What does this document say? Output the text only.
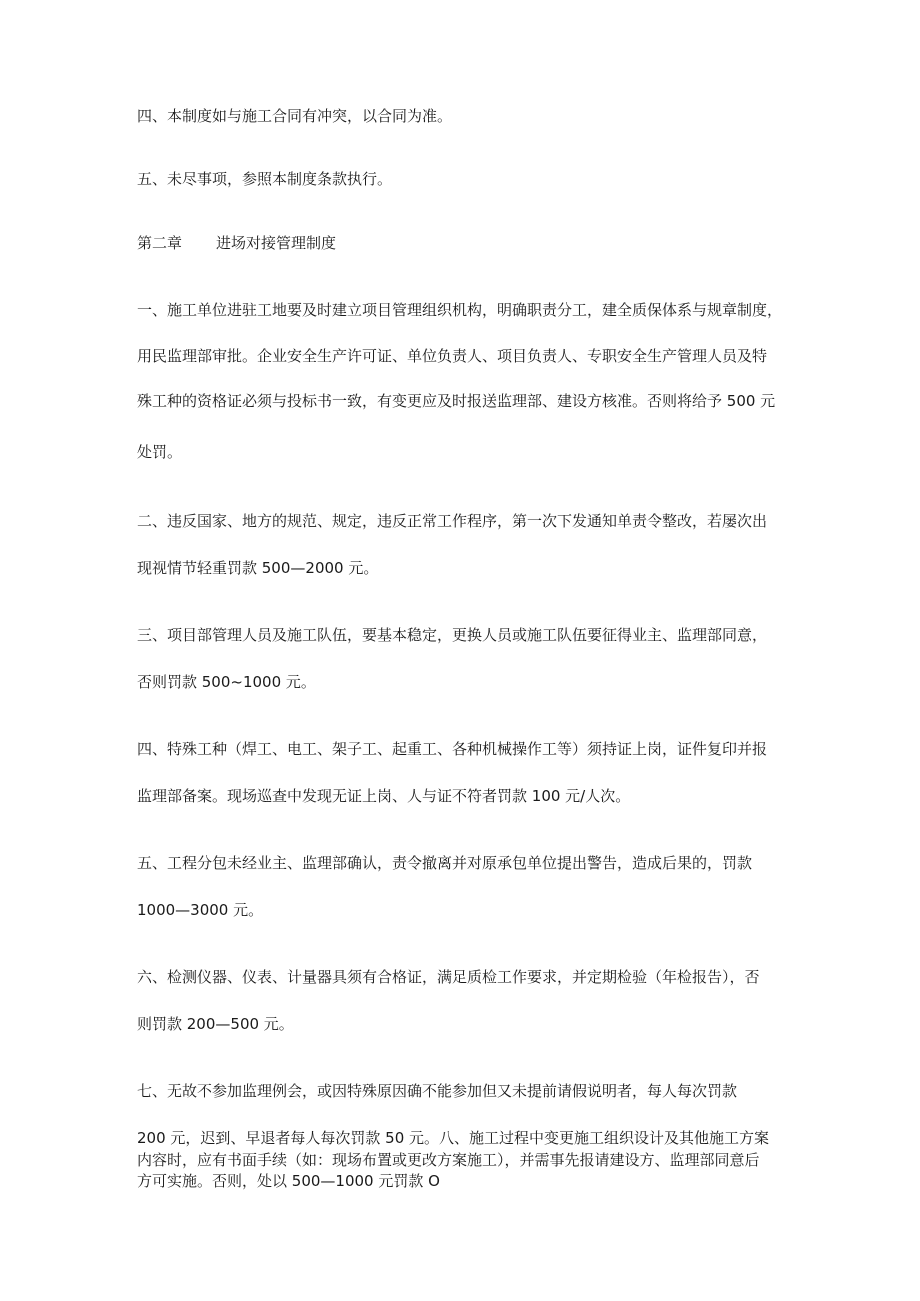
四、本制度如与施工合同有冲突，以合同为准。
五、未尽事项，参照本制度条款执行。
第二章 进场对接管理制度
一、施工单位进驻工地要及时建立项目管理组织机构，明确职责分工，建全质保体系与规章制度，
用民监理部审批。企业安全生产许可证、单位负责人、项目负责人、专职安全生产管理人员及特
殊工种的资格证必须与投标书一致，有变更应及时报送监理部、建设方核准。否则将给予 500 元
处罚。
二、违反国家、地方的规范、规定，违反正常工作程序，第一次下发通知单责令整改，若屡次出
现视情节轻重罚款 500—2000 元。
三、项目部管理人员及施工队伍，要基本稳定，更换人员或施工队伍要征得业主、监理部同意，
否则罚款 500~1000 元。
四、特殊工种（焊工、电工、架子工、起重工、各种机械操作工等）须持证上岗，证件复印并报
监理部备案。现场巡查中发现无证上岗、人与证不符者罚款 100 元/人次。
五、工程分包未经业主、监理部确认，责令撤离并对原承包单位提出警告，造成后果的，罚款
1000—3000 元。
六、检测仪器、仪表、计量器具须有合格证，满足质检工作要求，并定期检验（年检报告），否
则罚款 200—500 元。
七、无故不参加监理例会，或因特殊原因确不能参加但又未提前请假说明者，每人每次罚款
200 元，迟到、早退者每人每次罚款 50 元。八、施工过程中变更施工组织设计及其他施工方案
内容时，应有书面手续（如：现场布置或更改方案施工），并需事先报请建设方、监理部同意后
方可实施。否则，处以 500—1000 元罚款 O
